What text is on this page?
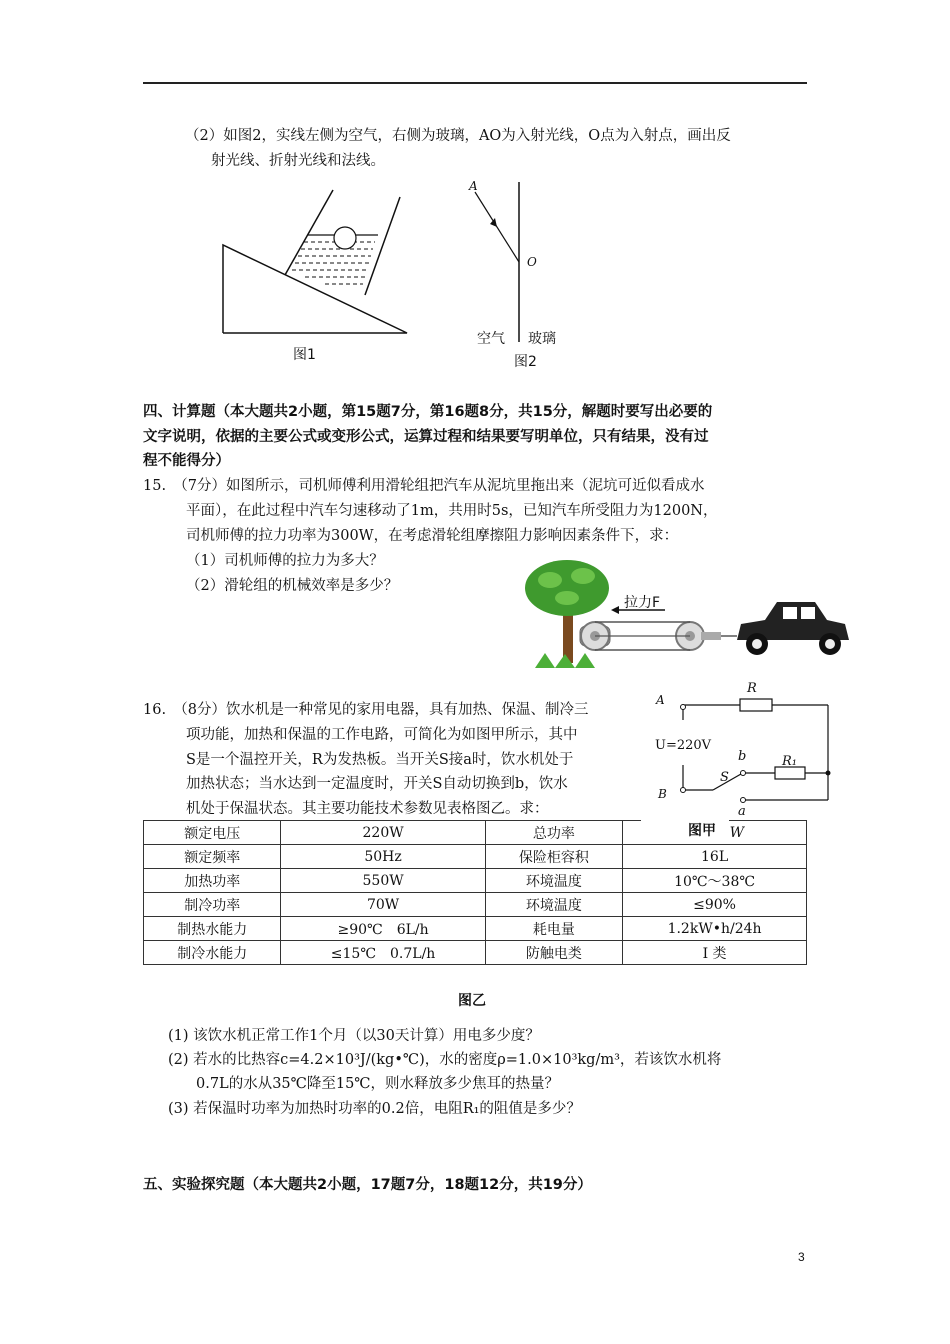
（2）如图2，实线左侧为空气，右侧为玻璃，AO为入射光线，O点为入射点，画出反
射光线、折射光线和法线。
图1
A
O
空气 玻璃
图2
四、计算题（本大题共2小题，第15题7分，第16题8分，共15分，解题时要写出必要的
文字说明，依据的主要公式或变形公式，运算过程和结果要写明单位，只有结果，没有过
程不能得分）
15.　（7分）如图所示，司机师傅利用滑轮组把汽车从泥坑里拖出来（泥坑可近似看成水
平面），在此过程中汽车匀速移动了1m，共用时5s，已知汽车所受阻力为1200N，
司机师傅的拉力功率为300W，在考虑滑轮组摩擦阻力影响因素条件下，求：
（1）司机师傅的拉力为多大？
（2）滑轮组的机械效率是多少？
拉力F
16.　（8分）饮水机是一种常见的家用电器，具有加热、保温、制冷三
项功能，加热和保温的工作电路，可简化为如图甲所示，其中
S是一个温控开关，R为发热板。当开关S接a时，饮水机处于
加热状态；当水达到一定温度时，开关S自动切换到b，饮水
机处于保温状态。其主要功能技术参数见表格图乙。求：
A
B
U=220V
R
R₁
b
S
a
额定电压	220W	总功率	W
额定频率	50Hz	保险柜容积	16L
加热功率	550W	环境温度	10℃～38℃
制冷功率	70W	环境温度	≤90%
制热水能力	≥90℃　6L/h	耗电量	1.2kW•h/24h
制冷水能力	≤15℃　0.7L/h	防触电类	Ⅰ 类
图甲
图乙
(1) 该饮水机正常工作1个月（以30天计算）用电多少度？
(2) 若水的比热容c=4.2×10³J/(kg•℃)，水的密度ρ=1.0×10³kg/m³，若该饮水机将
0.7L的水从35℃降至15℃，则水释放多少焦耳的热量？
(3) 若保温时功率为加热时功率的0.2倍，电阻R₁的阻值是多少？
五、实验探究题（本大题共2小题，17题7分，18题12分，共19分）
3
